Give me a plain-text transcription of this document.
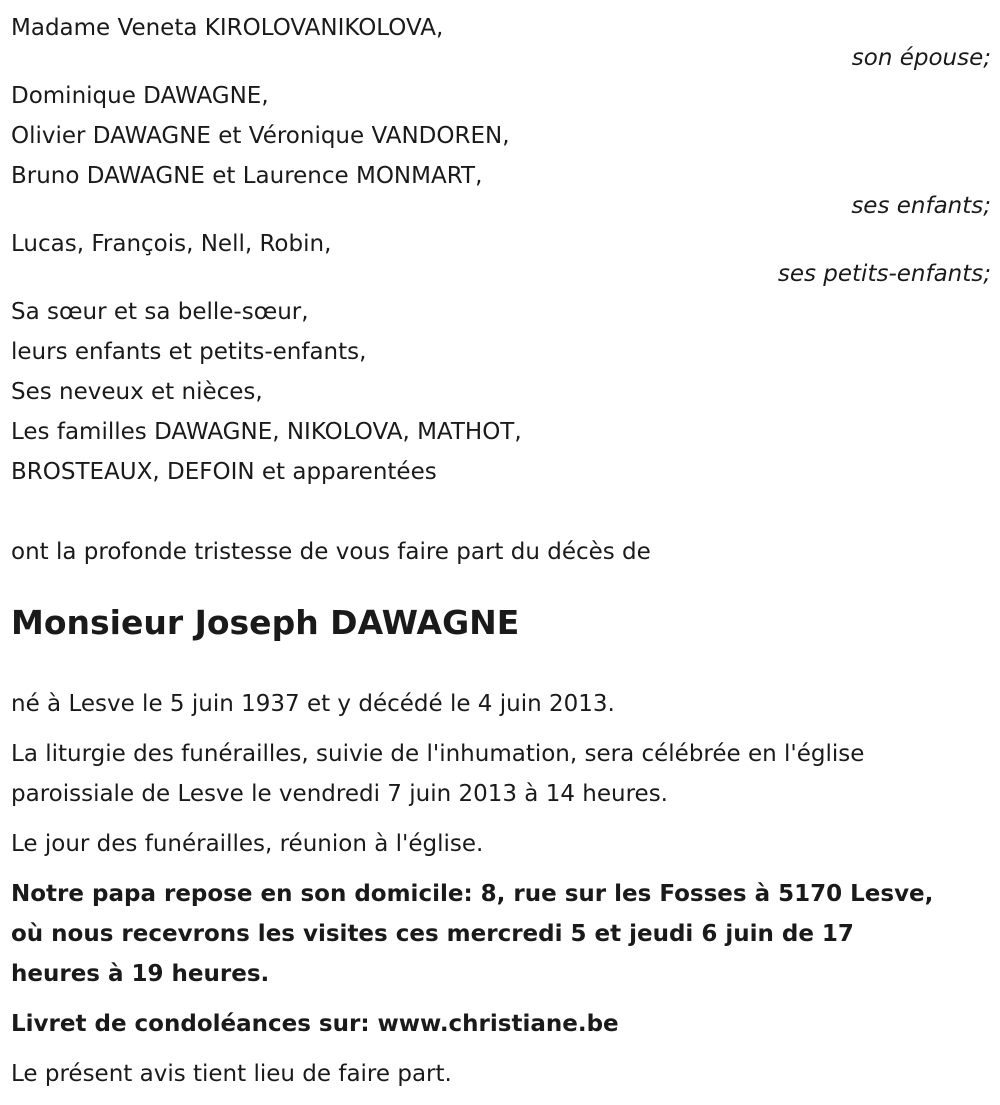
Madame Veneta KIROLOVANIKOLOVA,
son épouse;
Dominique DAWAGNE,
Olivier DAWAGNE et Véronique VANDOREN,
Bruno DAWAGNE et Laurence MONMART,
ses enfants;
Lucas, François, Nell, Robin,
ses petits-enfants;
Sa sœur et sa belle-sœur,
leurs enfants et petits-enfants,
Ses neveux et nièces,
Les familles DAWAGNE, NIKOLOVA, MATHOT,
BROSTEAUX, DEFOIN et apparentées
ont la profonde tristesse de vous faire part du décès de
Monsieur Joseph DAWAGNE
né à Lesve le 5 juin 1937 et y décédé le 4 juin 2013.
La liturgie des funérailles, suivie de l'inhumation, sera célébrée en l'église
paroissiale de Lesve le vendredi 7 juin 2013 à 14 heures.
Le jour des funérailles, réunion à l'église.
Notre papa repose en son domicile: 8, rue sur les Fosses à 5170 Lesve,
où nous recevrons les visites ces mercredi 5 et jeudi 6 juin de 17
heures à 19 heures.
Livret de condoléances sur: www.christiane.be
Le présent avis tient lieu de faire part.
